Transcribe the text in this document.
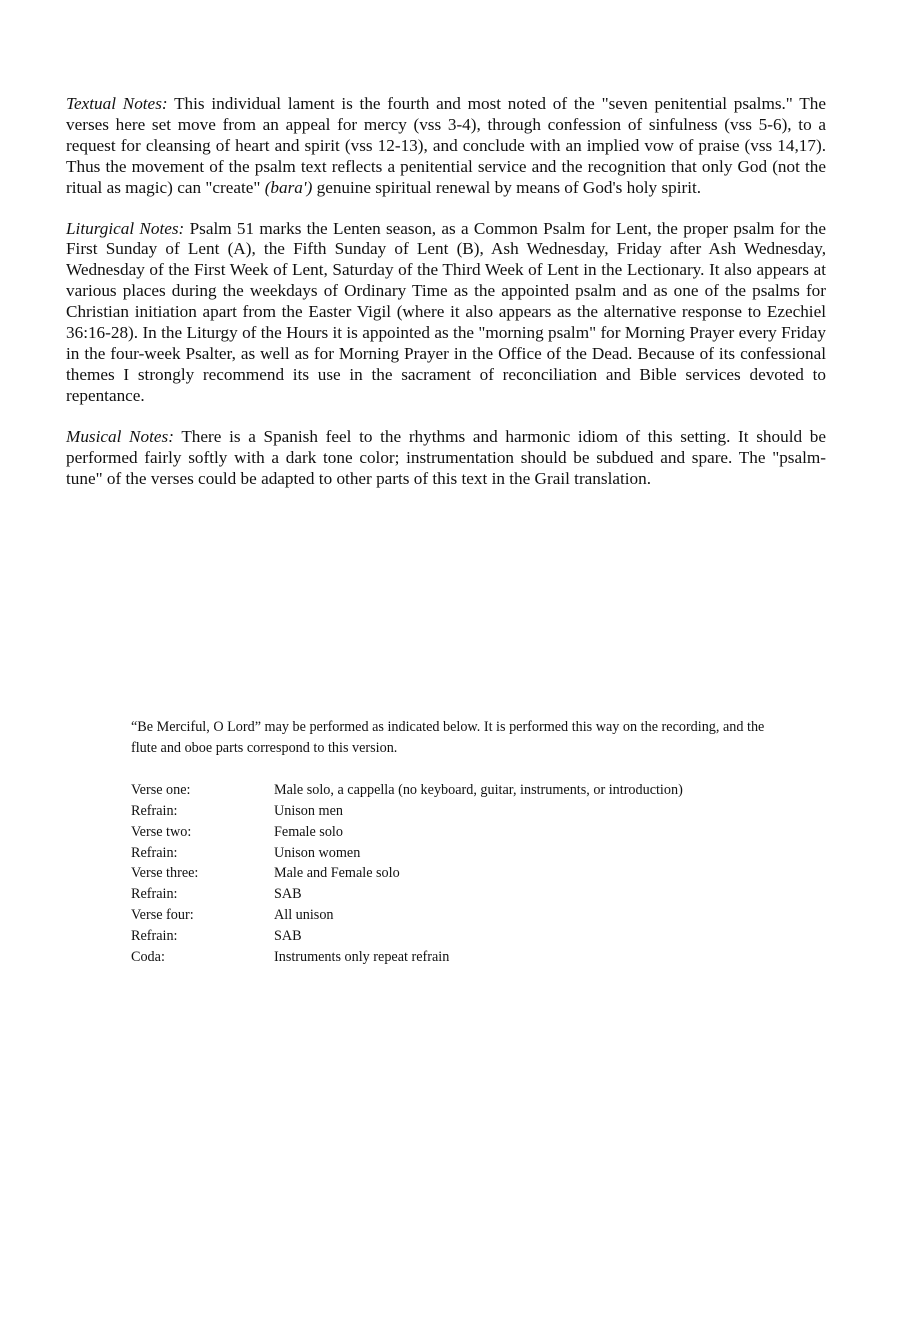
Textual Notes: This individual lament is the fourth and most noted of the "seven penitential psalms." The verses here set move from an appeal for mercy (vss 3-4), through confession of sinfulness (vss 5-6), to a request for cleansing of heart and spirit (vss 12-13), and conclude with an implied vow of praise (vss 14,17). Thus the movement of the psalm text reflects a penitential service and the recognition that only God (not the ritual as magic) can "create" (bara') genuine spiritual renewal by means of God's holy spirit.

Liturgical Notes: Psalm 51 marks the Lenten season, as a Common Psalm for Lent, the proper psalm for the First Sunday of Lent (A), the Fifth Sunday of Lent (B), Ash Wednesday, Friday after Ash Wednesday, Wednesday of the First Week of Lent, Saturday of the Third Week of Lent in the Lectionary. It also appears at various places during the weekdays of Ordinary Time as the appointed psalm and as one of the psalms for Christian initiation apart from the Easter Vigil (where it also appears as the alternative response to Ezechiel 36:16-28). In the Liturgy of the Hours it is appointed as the "morning psalm" for Morning Prayer every Friday in the four-week Psalter, as well as for Morning Prayer in the Office of the Dead. Because of its confessional themes I strongly recommend its use in the sacrament of reconciliation and Bible services devoted to repentance.

Musical Notes: There is a Spanish feel to the rhythms and harmonic idiom of this setting. It should be performed fairly softly with a dark tone color; instrumentation should be subdued and spare. The "psalm-tune" of the verses could be adapted to other parts of this text in the Grail translation.

“Be Merciful, O Lord” may be performed as indicated below. It is performed this way on the recording, and the flute and oboe parts correspond to this version.

Verse one:	Male solo, a cappella (no keyboard, guitar, instruments, or introduction)
Refrain:	Unison men
Verse two:	Female solo
Refrain:	Unison women
Verse three:	Male and Female solo
Refrain:	SAB
Verse four:	All unison
Refrain:	SAB
Coda:	Instruments only repeat refrain
